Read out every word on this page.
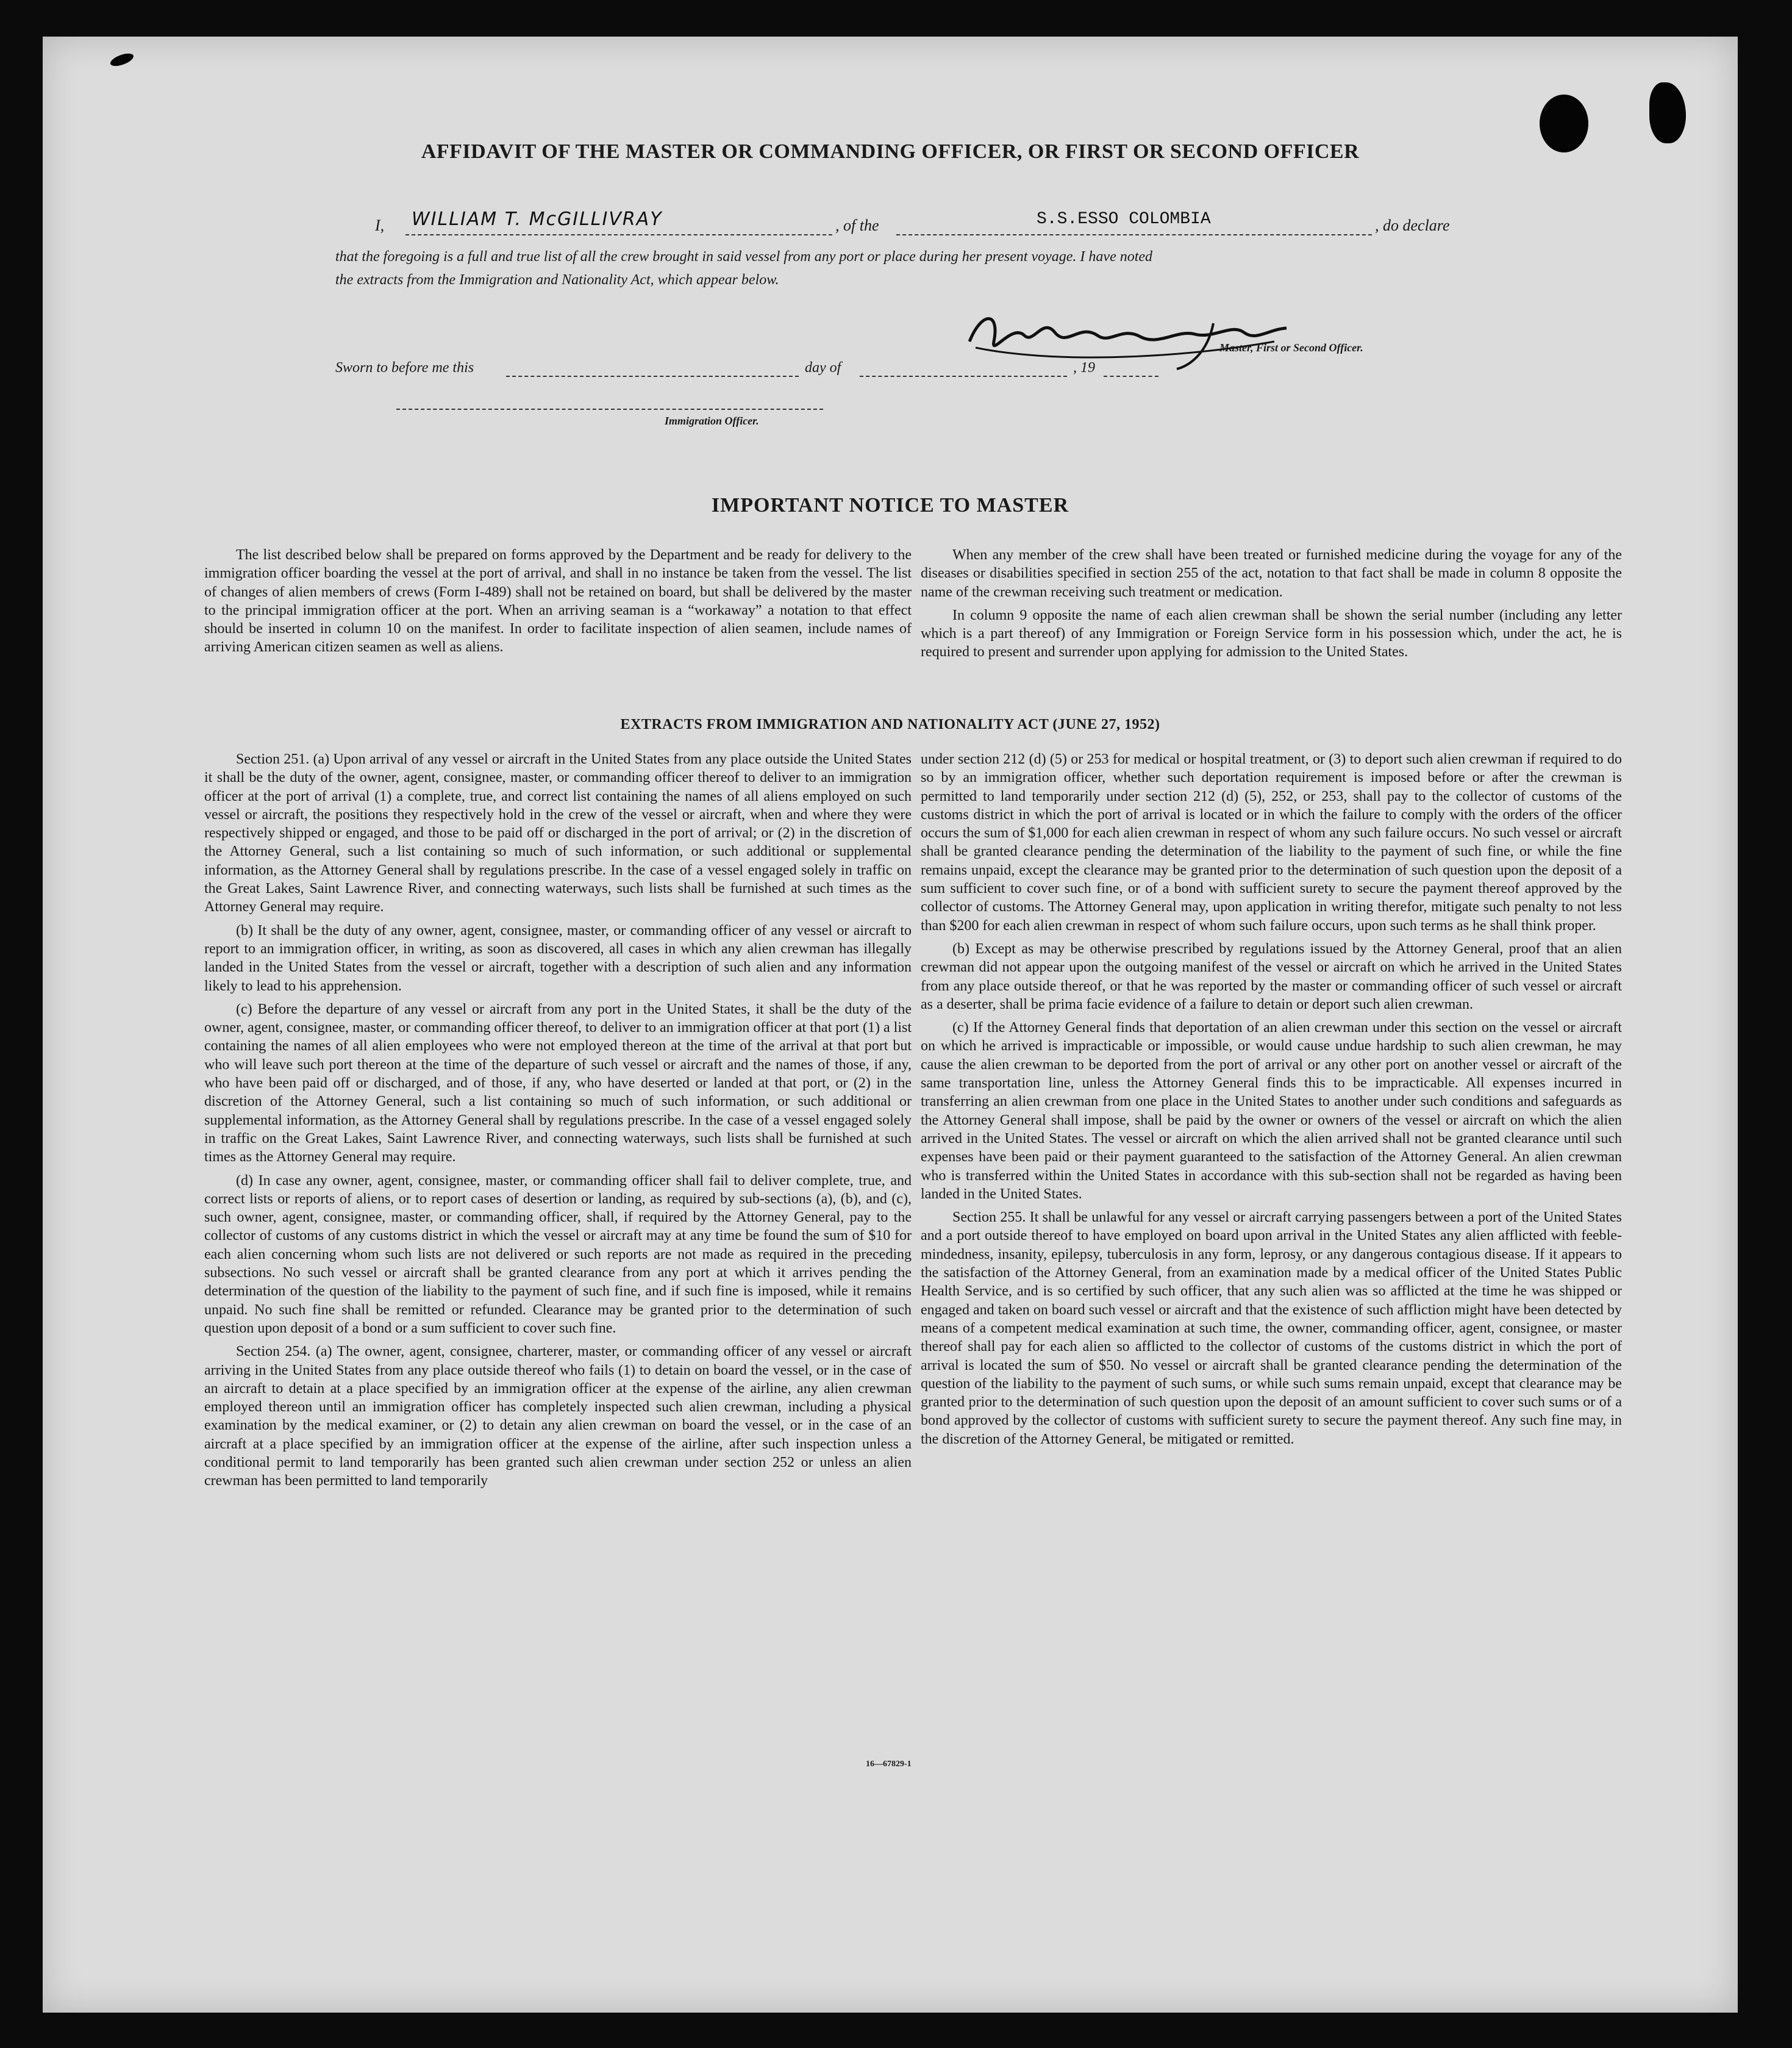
AFFIDAVIT OF THE MASTER OR COMMANDING OFFICER, OR FIRST OR SECOND OFFICER
I, WILLIAM T. McGILLIVRAY	, of the	S.S.ESSO COLOMBIA	, do declare
that the foregoing is a full and true list of all the crew brought in said vessel from any port or place during her present voyage. I have noted
the extracts from the Immigration and Nationality Act, which appear below.
Master, First or Second Officer.
Sworn to before me this	day of	, 19
Immigration Officer.
IMPORTANT NOTICE TO MASTER

The list described below shall be prepared on forms approved by the Department and be ready for delivery to the immigration officer boarding the vessel at the port of arrival, and shall in no instance be taken from the vessel. The list of changes of alien members of crews (Form I-489) shall not be retained on board, but shall be delivered by the master to the principal immigration officer at the port. When an arriving seaman is a “workaway” a notation to that effect should be inserted in column 10 on the manifest. In order to facilitate inspection of alien seamen, include names of arriving American citizen seamen as well as aliens.

When any member of the crew shall have been treated or furnished medicine during the voyage for any of the diseases or disabilities specified in section 255 of the act, notation to that fact shall be made in column 8 opposite the name of the crewman receiving such treatment or medication.

In column 9 opposite the name of each alien crewman shall be shown the serial number (including any letter which is a part thereof) of any Immigration or Foreign Service form in his possession which, under the act, he is required to present and surrender upon applying for admission to the United States.

EXTRACTS FROM IMMIGRATION AND NATIONALITY ACT (JUNE 27, 1952)

Section 251. (a) Upon arrival of any vessel or aircraft in the United States from any place outside the United States it shall be the duty of the owner, agent, consignee, master, or commanding officer thereof to deliver to an immigration officer at the port of arrival (1) a complete, true, and correct list containing the names of all aliens employed on such vessel or aircraft, the positions they respectively hold in the crew of the vessel or aircraft, when and where they were respectively shipped or engaged, and those to be paid off or discharged in the port of arrival; or (2) in the discretion of the Attorney General, such a list containing so much of such information, or such additional or supplemental information, as the Attorney General shall by regulations prescribe. In the case of a vessel engaged solely in traffic on the Great Lakes, Saint Lawrence River, and connecting waterways, such lists shall be furnished at such times as the Attorney General may require.

(b) It shall be the duty of any owner, agent, consignee, master, or commanding officer of any vessel or aircraft to report to an immigration officer, in writing, as soon as discovered, all cases in which any alien crewman has illegally landed in the United States from the vessel or aircraft, together with a description of such alien and any information likely to lead to his apprehension.

(c) Before the departure of any vessel or aircraft from any port in the United States, it shall be the duty of the owner, agent, consignee, master, or commanding officer thereof, to deliver to an immigration officer at that port (1) a list containing the names of all alien employees who were not employed thereon at the time of the arrival at that port but who will leave such port thereon at the time of the departure of such vessel or aircraft and the names of those, if any, who have been paid off or discharged, and of those, if any, who have deserted or landed at that port, or (2) in the discretion of the Attorney General, such a list containing so much of such information, or such additional or supplemental information, as the Attorney General shall by regulations prescribe. In the case of a vessel engaged solely in traffic on the Great Lakes, Saint Lawrence River, and connecting waterways, such lists shall be furnished at such times as the Attorney General may require.

(d) In case any owner, agent, consignee, master, or commanding officer shall fail to deliver complete, true, and correct lists or reports of aliens, or to report cases of desertion or landing, as required by sub-sections (a), (b), and (c), such owner, agent, consignee, master, or commanding officer, shall, if required by the Attorney General, pay to the collector of customs of any customs district in which the vessel or aircraft may at any time be found the sum of $10 for each alien concerning whom such lists are not delivered or such reports are not made as required in the preceding subsections. No such vessel or aircraft shall be granted clearance from any port at which it arrives pending the determination of the question of the liability to the payment of such fine, and if such fine is imposed, while it remains unpaid. No such fine shall be remitted or refunded. Clearance may be granted prior to the determination of such question upon deposit of a bond or a sum sufficient to cover such fine.

Section 254. (a) The owner, agent, consignee, charterer, master, or commanding officer of any vessel or aircraft arriving in the United States from any place outside thereof who fails (1) to detain on board the vessel, or in the case of an aircraft to detain at a place specified by an immigration officer at the expense of the airline, any alien crewman employed thereon until an immigration officer has completely inspected such alien crewman, including a physical examination by the medical examiner, or (2) to detain any alien crewman on board the vessel, or in the case of an aircraft at a place specified by an immigration officer at the expense of the airline, after such inspection unless a conditional permit to land temporarily has been granted such alien crewman under section 252 or unless an alien crewman has been permitted to land temporarily

under section 212 (d) (5) or 253 for medical or hospital treatment, or (3) to deport such alien crewman if required to do so by an immigration officer, whether such deportation requirement is imposed before or after the crewman is permitted to land temporarily under section 212 (d) (5), 252, or 253, shall pay to the collector of customs of the customs district in which the port of arrival is located or in which the failure to comply with the orders of the officer occurs the sum of $1,000 for each alien crewman in respect of whom any such failure occurs. No such vessel or aircraft shall be granted clearance pending the determination of the liability to the payment of such fine, or while the fine remains unpaid, except the clearance may be granted prior to the determination of such question upon the deposit of a sum sufficient to cover such fine, or of a bond with sufficient surety to secure the payment thereof approved by the collector of customs. The Attorney General may, upon application in writing therefor, mitigate such penalty to not less than $200 for each alien crewman in respect of whom such failure occurs, upon such terms as he shall think proper.

(b) Except as may be otherwise prescribed by regulations issued by the Attorney General, proof that an alien crewman did not appear upon the outgoing manifest of the vessel or aircraft on which he arrived in the United States from any place outside thereof, or that he was reported by the master or commanding officer of such vessel or aircraft as a deserter, shall be prima facie evidence of a failure to detain or deport such alien crewman.

(c) If the Attorney General finds that deportation of an alien crewman under this section on the vessel or aircraft on which he arrived is impracticable or impossible, or would cause undue hardship to such alien crewman, he may cause the alien crewman to be deported from the port of arrival or any other port on another vessel or aircraft of the same transportation line, unless the Attorney General finds this to be impracticable. All expenses incurred in transferring an alien crewman from one place in the United States to another under such conditions and safeguards as the Attorney General shall impose, shall be paid by the owner or owners of the vessel or aircraft on which the alien arrived in the United States. The vessel or aircraft on which the alien arrived shall not be granted clearance until such expenses have been paid or their payment guaranteed to the satisfaction of the Attorney General. An alien crewman who is transferred within the United States in accordance with this sub-section shall not be regarded as having been landed in the United States.

Section 255. It shall be unlawful for any vessel or aircraft carrying passengers between a port of the United States and a port outside thereof to have employed on board upon arrival in the United States any alien afflicted with feeble-mindedness, insanity, epilepsy, tuberculosis in any form, leprosy, or any dangerous contagious disease. If it appears to the satisfaction of the Attorney General, from an examination made by a medical officer of the United States Public Health Service, and is so certified by such officer, that any such alien was so afflicted at the time he was shipped or engaged and taken on board such vessel or aircraft and that the existence of such affliction might have been detected by means of a competent medical examination at such time, the owner, commanding officer, agent, consignee, or master thereof shall pay for each alien so afflicted to the collector of customs of the customs district in which the port of arrival is located the sum of $50. No vessel or aircraft shall be granted clearance pending the determination of the question of the liability to the payment of such sums, or while such sums remain unpaid, except that clearance may be granted prior to the determination of such question upon the deposit of an amount sufficient to cover such sums or of a bond approved by the collector of customs with sufficient surety to secure the payment thereof. Any such fine may, in the discretion of the Attorney General, be mitigated or remitted.

16—67829-1
